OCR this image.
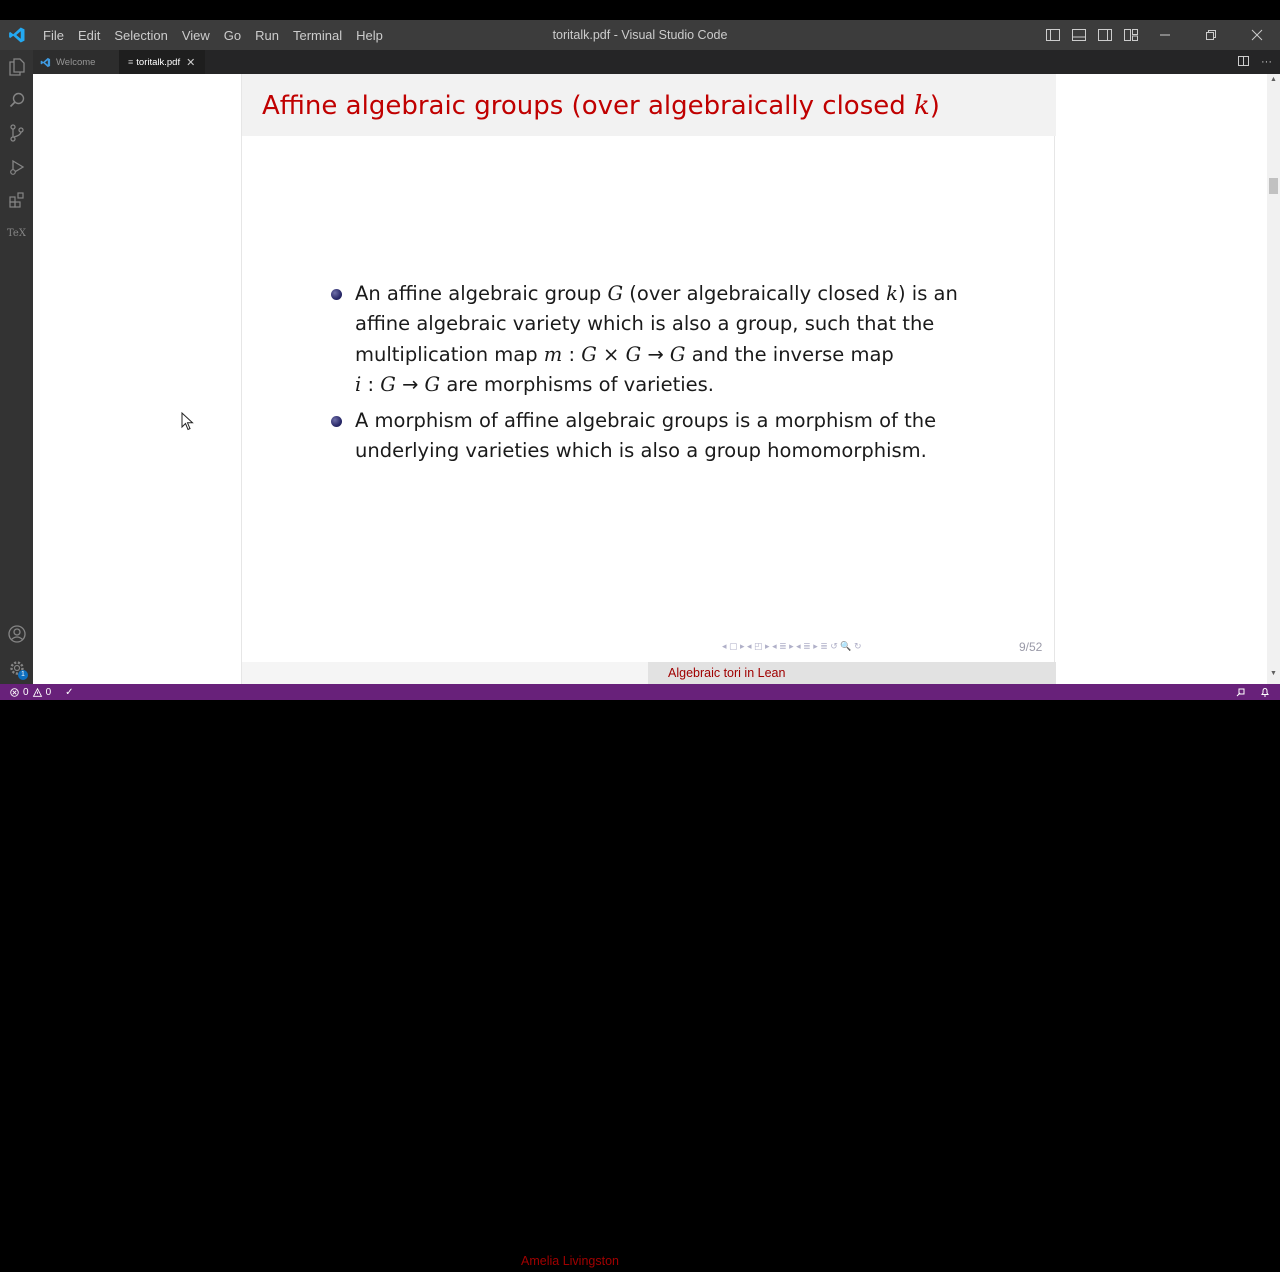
File	Edit	Selection	View	Go	Run	Terminal	Help	toritalk.pdf - Visual Studio Code
TeX
1
Welcome	≡ toritalk.pdf ✕	···
Affine algebraic groups (over algebraically closed k)
An affine algebraic group G (over algebraically closed k) is an
affine algebraic variety which is also a group, such that the
multiplication map m : G × G → G and the inverse map
i : G → G are morphisms of varieties.
A morphism of affine algebraic groups is a morphism of the
underlying varieties which is also a group homomorphism.
◂ ▢ ▸ ◂ ◰ ▸ ◂ ≣ ▸ ◂ ≣ ▸ ≣ ↺ 🔍 ↻	9/52
Amelia Livingston
Algebraic tori in Lean
▲
▼
0 0 ✓
